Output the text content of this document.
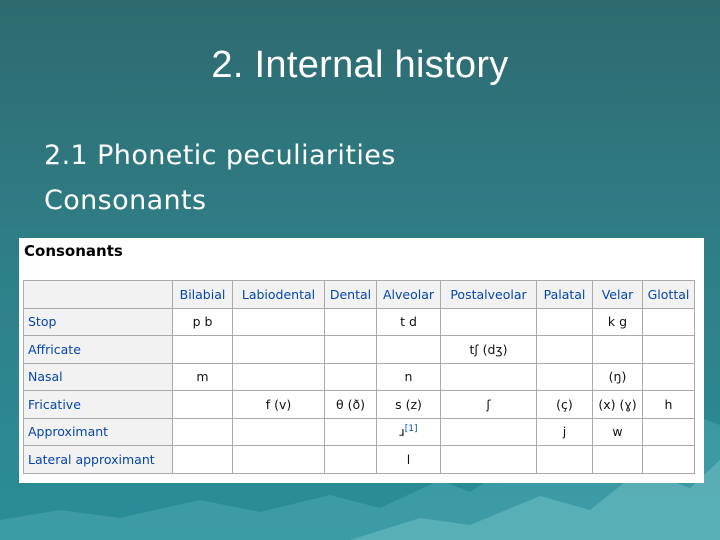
2. Internal history
2.1 Phonetic peculiarities
Consonants
Consonants
	Bilabial	Labiodental	Dental	Alveolar	Postalveolar	Palatal	Velar	Glottal
Stop	p b			t d			k g	
Affricate					tʃ (dʒ)			
Nasal	m			n			(ŋ)	
Fricative		f (v)	θ (ð)	s (z)	ʃ	(ç)	(x) (ɣ)	h
Approximant				ɹ[1]		j	w	
Lateral approximant				l				
